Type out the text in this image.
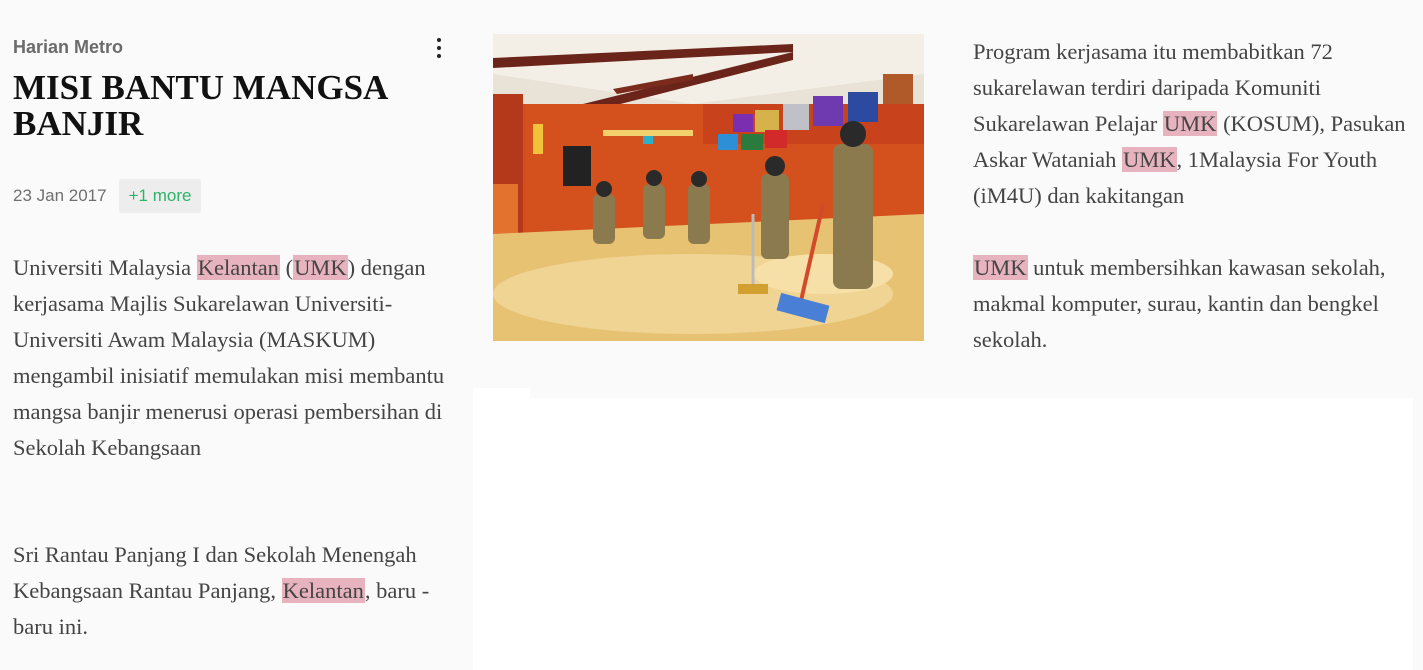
Harian Metro
MISI BANTU MANGSA BANJIR
23 Jan 2017	+1 more

Universiti Malaysia Kelantan (UMK) dengan kerjasama Majlis Sukarelawan Universiti-Universiti Awam Malaysia (MASKUM) mengambil inisiatif memulakan misi membantu mangsa banjir menerusi operasi pembersihan di Sekolah Kebangsaan

Sri Rantau Panjang I dan Sekolah Menengah Kebangsaan Rantau Panjang, Kelantan, baru - baru ini.

Program kerjasama itu membabitkan 72 sukarelawan terdiri daripada Komuniti Sukarelawan Pelajar UMK (KOSUM), Pasukan Askar Wataniah UMK, 1Malaysia For Youth (iM4U) dan kakitangan

UMK untuk membersihkan kawasan sekolah, makmal komputer, surau, kantin dan bengkel sekolah.
